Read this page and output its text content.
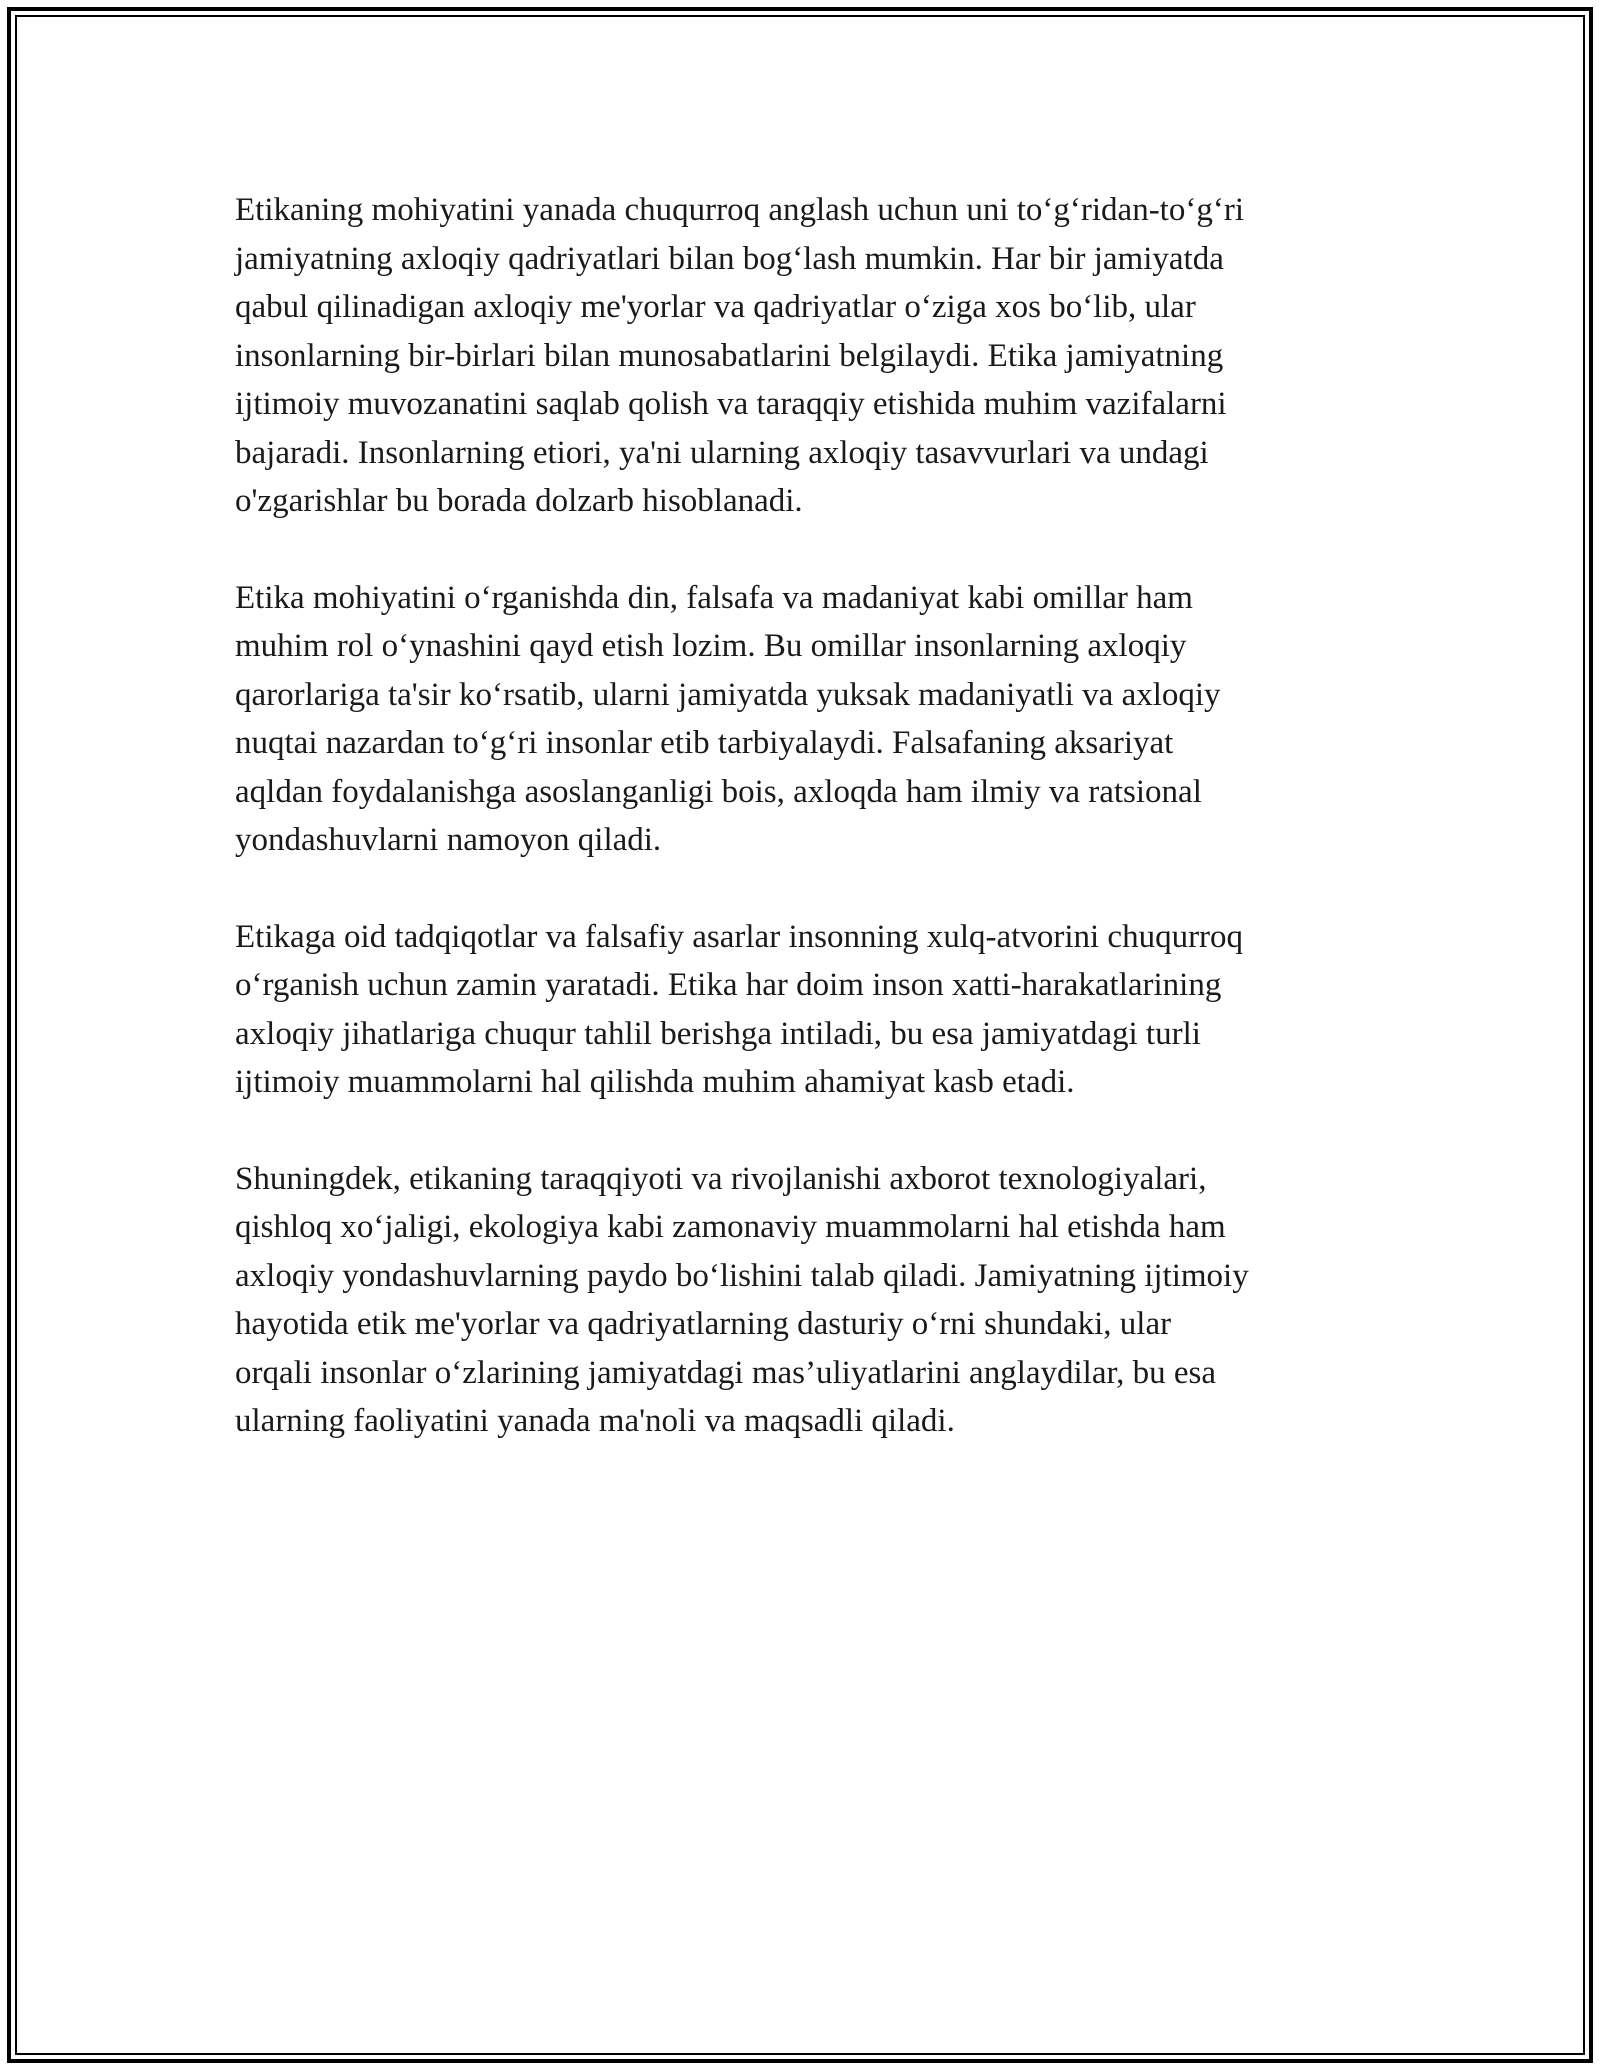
Etikaning mohiyatini yanada chuqurroq anglash uchun uni to‘g‘ridan-to‘g‘ri
jamiyatning axloqiy qadriyatlari bilan bog‘lash mumkin. Har bir jamiyatda
qabul qilinadigan axloqiy me'yorlar va qadriyatlar o‘ziga xos bo‘lib, ular
insonlarning bir-birlari bilan munosabatlarini belgilaydi. Etika jamiyatning
ijtimoiy muvozanatini saqlab qolish va taraqqiy etishida muhim vazifalarni
bajaradi. Insonlarning etiori, ya'ni ularning axloqiy tasavvurlari va undagi
o'zgarishlar bu borada dolzarb hisoblanadi.

Etika mohiyatini o‘rganishda din, falsafa va madaniyat kabi omillar ham
muhim rol o‘ynashini qayd etish lozim. Bu omillar insonlarning axloqiy
qarorlariga ta'sir ko‘rsatib, ularni jamiyatda yuksak madaniyatli va axloqiy
nuqtai nazardan to‘g‘ri insonlar etib tarbiyalaydi. Falsafaning aksariyat
aqldan foydalanishga asoslanganligi bois, axloqda ham ilmiy va ratsional
yondashuvlarni namoyon qiladi.

Etikaga oid tadqiqotlar va falsafiy asarlar insonning xulq-atvorini chuqurroq
o‘rganish uchun zamin yaratadi. Etika har doim inson xatti-harakatlarining
axloqiy jihatlariga chuqur tahlil berishga intiladi, bu esa jamiyatdagi turli
ijtimoiy muammolarni hal qilishda muhim ahamiyat kasb etadi.

Shuningdek, etikaning taraqqiyoti va rivojlanishi axborot texnologiyalari,
qishloq xo‘jaligi, ekologiya kabi zamonaviy muammolarni hal etishda ham
axloqiy yondashuvlarning paydo bo‘lishini talab qiladi. Jamiyatning ijtimoiy
hayotida etik me'yorlar va qadriyatlarning dasturiy o‘rni shundaki, ular
orqali insonlar o‘zlarining jamiyatdagi mas’uliyatlarini anglaydilar, bu esa
ularning faoliyatini yanada ma'noli va maqsadli qiladi.
